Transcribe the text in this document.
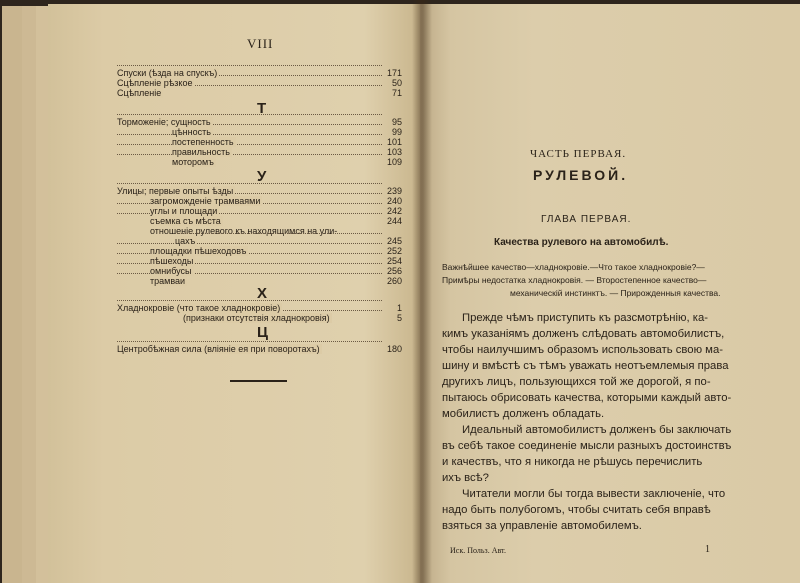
VIII
Спуски (ѣзда на спускъ)	171
Сцѣпленiе рѣзкое	50
Сцѣпленiе	71
Т
Торможенiе; сущность	95
цѣнность	99
постепенность	101
правильность	103
моторомъ	109
У
Улицы; первые опыты ѣзды	239
загроможденiе трамваями	240
углы и площади	242
съемка съ мѣста	244
отношенiе рулевого къ находящимся на ули-
цахъ	245
площадки пѣшеходовъ	252
пѣшеходы	254
омнибусы	256
трамваи	260
Х
Хладнокровiе (что такое хладнокровiе)	1
(признаки отсутствiя хладнокровiя)	5
Ц
Центробѣжная сила (влiянiе ея при поворотахъ)	180
ЧАСТЬ ПЕРВАЯ.
РУЛЕВОЙ.
ГЛАВА ПЕРВАЯ.
Качества рулевого на автомобилѣ.
Важнѣйшее качество—хладнокровiе.—Что такое хладнокровiе?—
Примѣры недостатка хладнокровiя. — Второстепенное качество—
механическiй инстинктъ. — Прирожденныя качества.
Прежде чѣмъ приступить къ разсмотрѣнiю, ка-
кимъ указанiямъ долженъ слѣдовать автомобилистъ,
чтобы наилучшимъ образомъ использовать свою ма-
шину и вмѣстѣ съ тѣмъ уважать неотъемлемыя права
другихъ лицъ, пользующихся той же дорогой, я по-
пытаюсь обрисовать качества, которыми каждый авто-
мобилистъ долженъ обладать.
Идеальный автомобилистъ долженъ бы заключать
въ себѣ такое соединенiе мысли разныхъ достоинствъ
и качествъ, что я никогда не рѣшусь перечислить
ихъ всѣ?
Читатели могли бы тогда вывести заключенiе, что
надо быть полубогомъ, чтобы считать себя вправѣ
взяться за управленiе автомобилемъ.
Иск. Польз. Авт.	1
